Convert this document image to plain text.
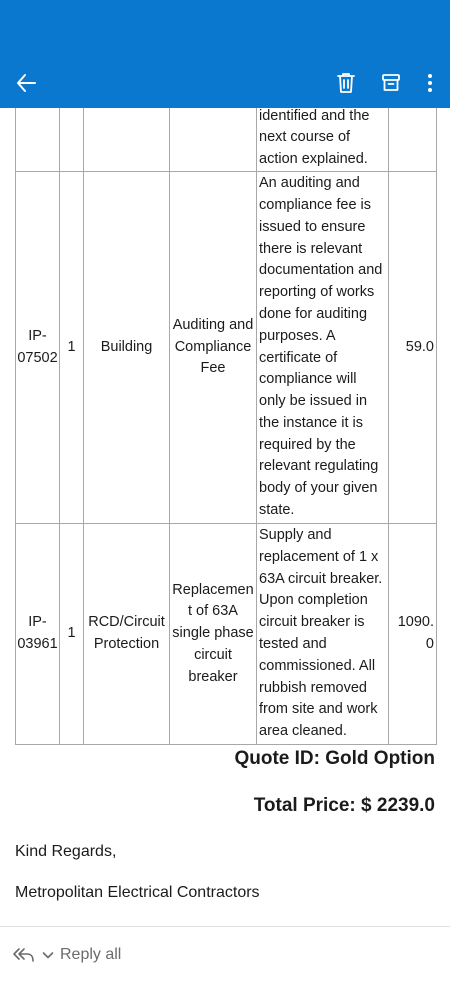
				identified and the next course of action explained.	
IP-07502	1	Building	Auditing and Compliance Fee	An auditing and compliance fee is issued to ensure there is relevant documentation and reporting of works done for auditing purposes. A certificate of compliance will only be issued in the instance it is required by the relevant regulating body of your given state.	59.0
IP-03961	1	RCD/Circuit Protection	Replacement of 63A single phase circuit breaker	Supply and replacement of 1 x 63A circuit breaker. Upon completion circuit breaker is tested and commissioned. All rubbish removed from site and work area cleaned.	1090.0
Quote ID: Gold Option
Total Price: $ 2239.0
Kind Regards,
Metropolitan Electrical Contractors
Reply all
